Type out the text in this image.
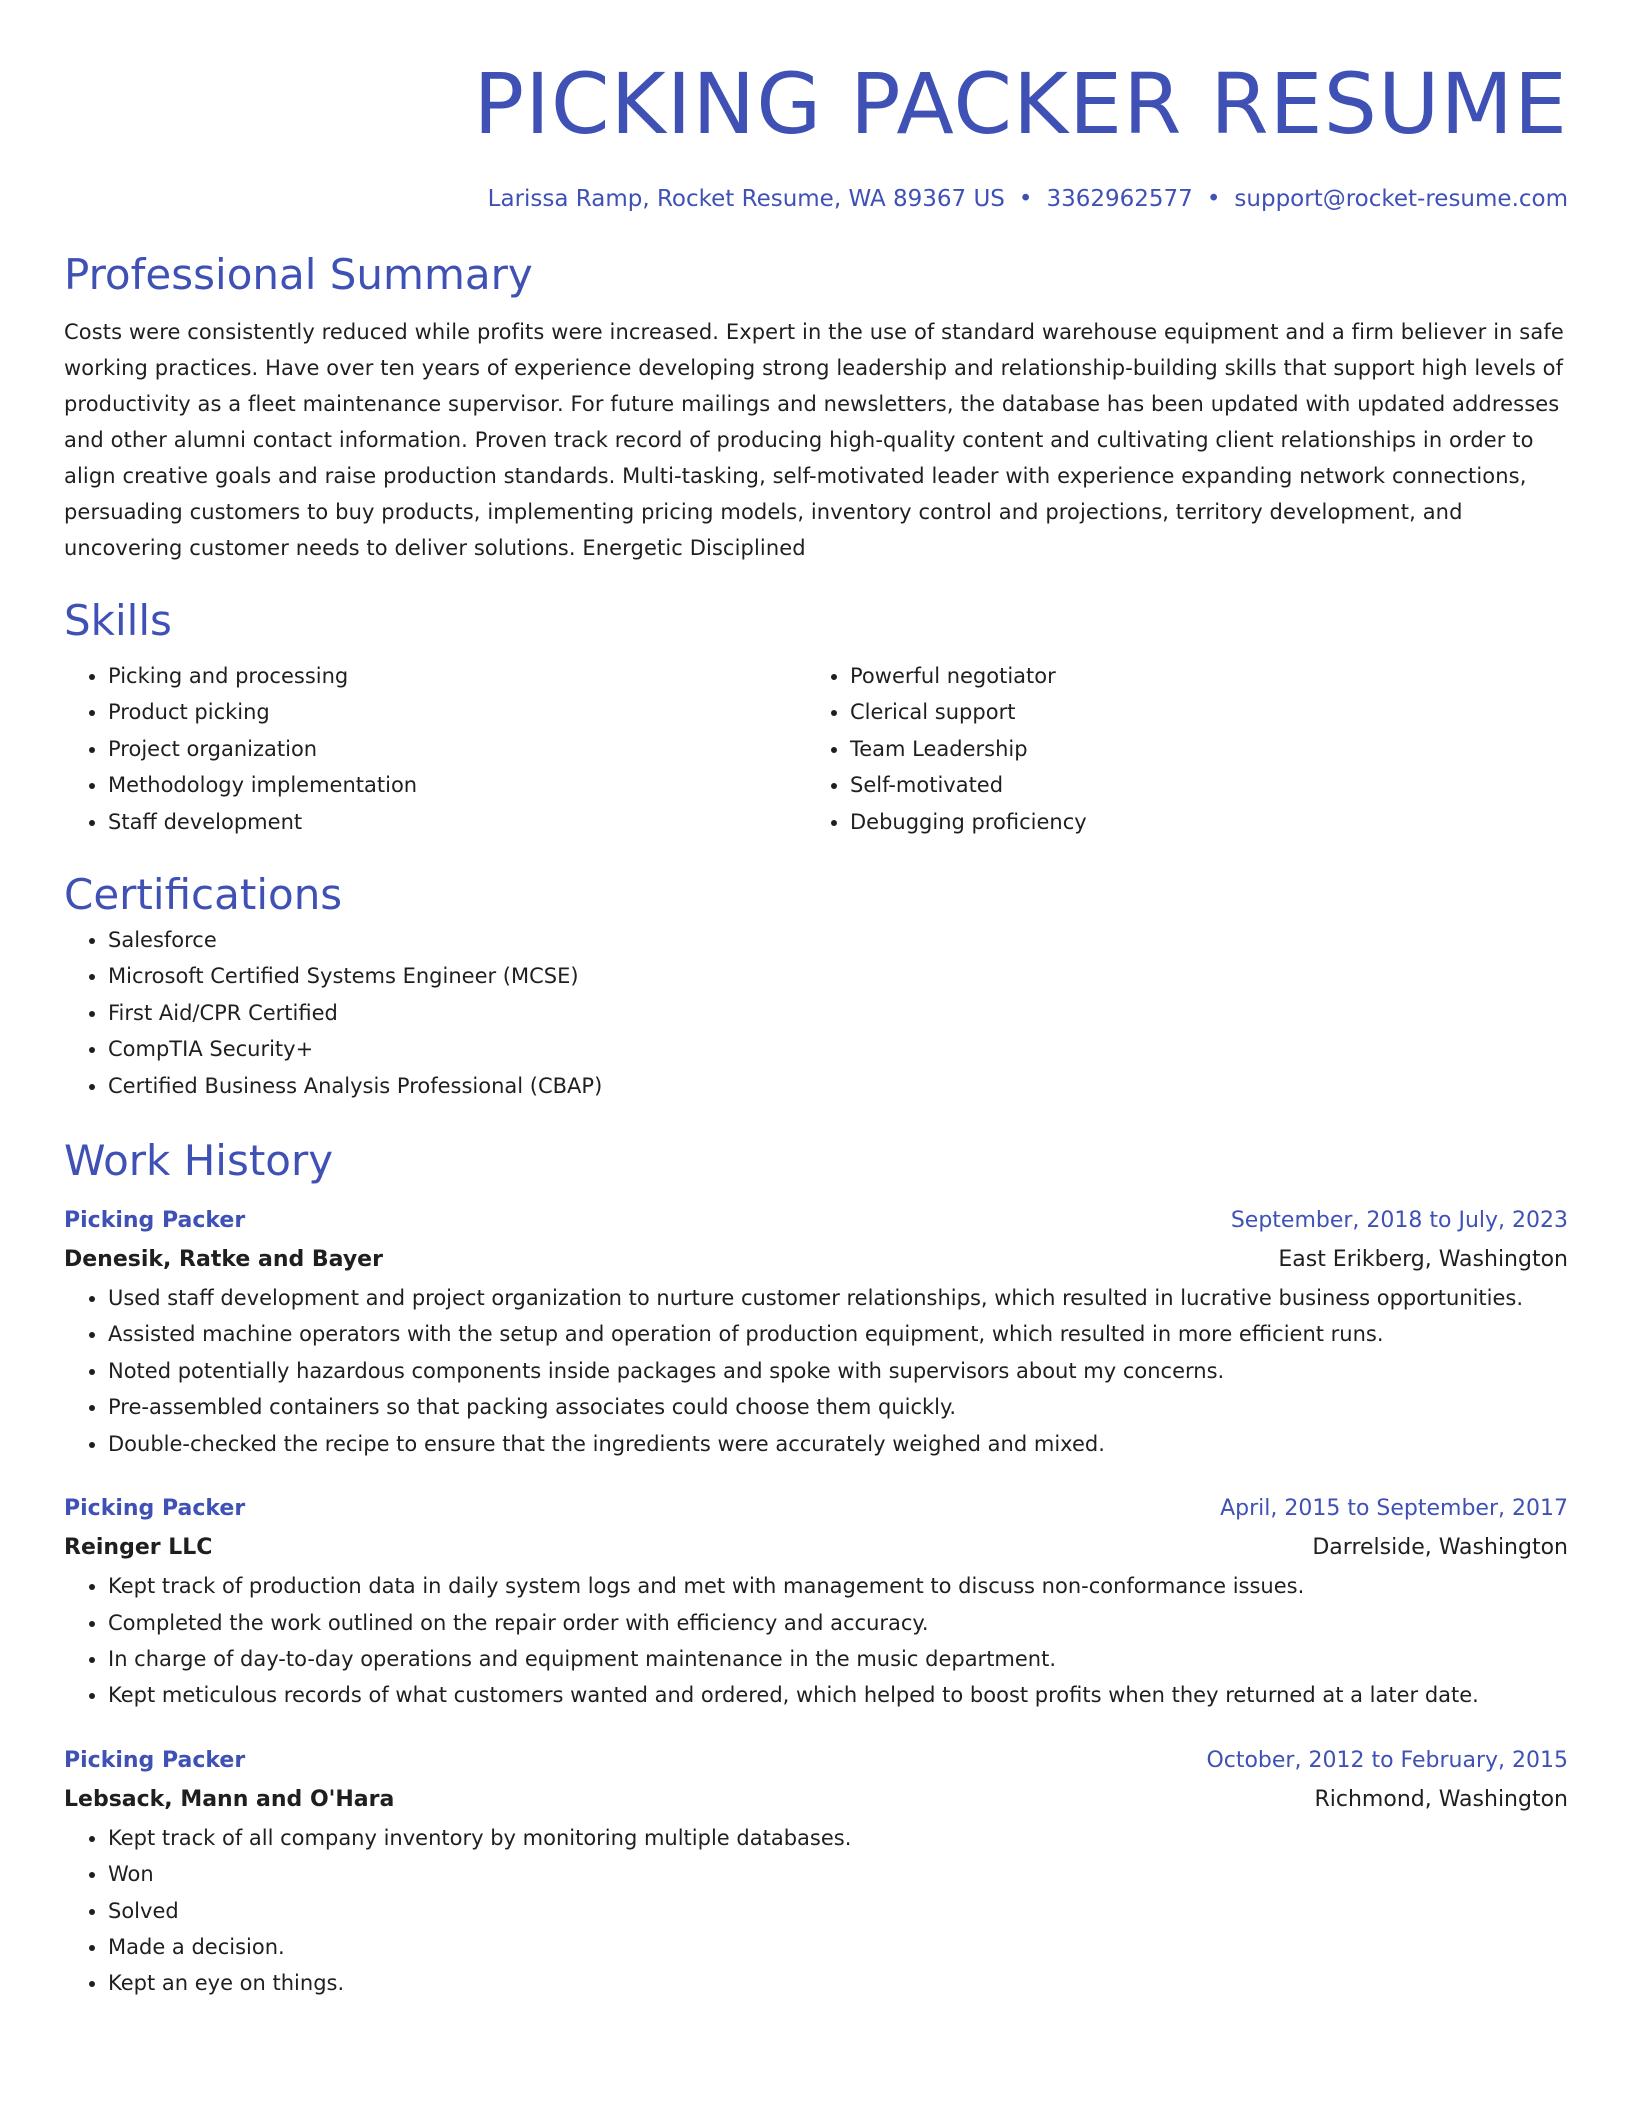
PICKING PACKER RESUME
Larissa Ramp, Rocket Resume, WA 89367 US • 3362962577 • support@rocket-resume.com
Professional Summary

Costs were consistently reduced while profits were increased. Expert in the use of standard warehouse equipment and a firm believer in safe working practices. Have over ten years of experience developing strong leadership and relationship-building skills that support high levels of productivity as a fleet maintenance supervisor. For future mailings and newsletters, the database has been updated with updated addresses and other alumni contact information. Proven track record of producing high-quality content and cultivating client relationships in order to align creative goals and raise production standards. Multi-tasking, self-motivated leader with experience expanding network connections, persuading customers to buy products, implementing pricing models, inventory control and projections, territory development, and uncovering customer needs to deliver solutions. Energetic Disciplined

Skills
• Picking and processing
• Product picking
• Project organization
• Methodology implementation
• Staff development
• Powerful negotiator
• Clerical support
• Team Leadership
• Self-motivated
• Debugging proficiency
Certifications
• Salesforce
• Microsoft Certified Systems Engineer (MCSE)
• First Aid/CPR Certified
• CompTIA Security+
• Certified Business Analysis Professional (CBAP)
Work History
Picking Packer	September, 2018 to July, 2023
Denesik, Ratke and Bayer	East Erikberg, Washington
• Used staff development and project organization to nurture customer relationships, which resulted in lucrative business opportunities.
• Assisted machine operators with the setup and operation of production equipment, which resulted in more efficient runs.
• Noted potentially hazardous components inside packages and spoke with supervisors about my concerns.
• Pre-assembled containers so that packing associates could choose them quickly.
• Double-checked the recipe to ensure that the ingredients were accurately weighed and mixed.
Picking Packer	April, 2015 to September, 2017
Reinger LLC	Darrelside, Washington
• Kept track of production data in daily system logs and met with management to discuss non-conformance issues.
• Completed the work outlined on the repair order with efficiency and accuracy.
• In charge of day-to-day operations and equipment maintenance in the music department.
• Kept meticulous records of what customers wanted and ordered, which helped to boost profits when they returned at a later date.
Picking Packer	October, 2012 to February, 2015
Lebsack, Mann and O'Hara	Richmond, Washington
• Kept track of all company inventory by monitoring multiple databases.
• Won
• Solved
• Made a decision.
• Kept an eye on things.
